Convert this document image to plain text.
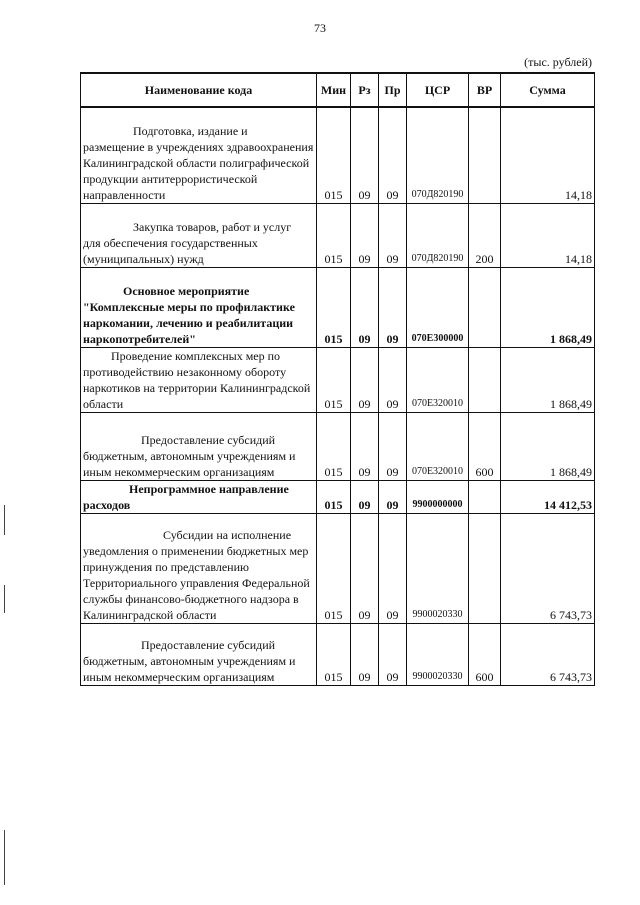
73
(тыс. рублей)
Наименование кода	Мин	Рз	Пр	ЦСР	ВР	Сумма

Подготовка, издание и
размещение в учреждениях здравоохранения Калининградской области полиграфической продукции антитеррористической направленности	015	09	09	070Д820190		14,18

Закупка товаров, работ и услуг
для обеспечения государственных (муниципальных) нужд	015	09	09	070Д820190	200	14,18

Основное мероприятие
"Комплексные меры по профилактике наркомании, лечению и реабилитации наркопотребителей"	015	09	09	070Е300000		1 868,49

Проведение комплексных мер по
противодействию незаконному обороту наркотиков на территории Калининградской области	015	09	09	070Е320010		1 868,49

Предоставление субсидий
бюджетным, автономным учреждениям и иным некоммерческим организациям	015	09	09	070Е320010	600	1 868,49

Непрограммное направление
расходов	015	09	09	9900000000		14 412,53

Субсидии на исполнение
уведомления о применении бюджетных мер принуждения по представлению Территориального управления Федеральной службы финансово-бюджетного надзора в Калининградской области	015	09	09	9900020330		6 743,73

Предоставление субсидий
бюджетным, автономным учреждениям и иным некоммерческим организациям	015	09	09	9900020330	600	6 743,73
